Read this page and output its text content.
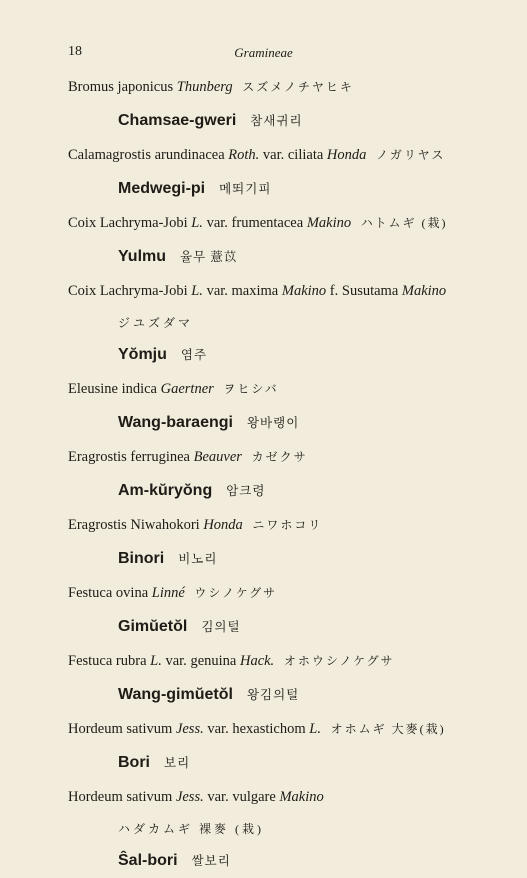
18	Gramineae
Bromus japonicus Thunberg スズメノチヤヒキ
Chamsae-gweri 참새귀리
Calamagrostis arundinacea Roth. var. ciliata Honda ノガリヤス
Medwegi-pi 메뙤기피
Coix Lachryma-Jobi L. var. frumentacea Makino ハトムギ (栽)
Yulmu 율무 薏苡
Coix Lachryma-Jobi L. var. maxima Makino f. Susutama Makino
ジユズダマ
Yŏmju 염주
Eleusine indica Gaertner ヲヒシバ
Wang-baraengi 왕바랭이
Eragrostis ferruginea Beauver カゼクサ
Am-kŭryŏng 암크령
Eragrostis Niwahokori Honda ニワホコリ
Binori 비노리
Festuca ovina Linné ウシノケグサ
Gimŭetŏl 김의털
Festuca rubra L. var. genuina Hack. オホウシノケグサ
Wang-gimŭetŏl 왕김의털
Hordeum sativum Jess. var. hexastichom L. オホムギ 大麥(栽)
Bori 보리
Hordeum sativum Jess. var. vulgare Makino
ハダカムギ 裸麥 (栽)
Ŝal-bori 쌀보리
